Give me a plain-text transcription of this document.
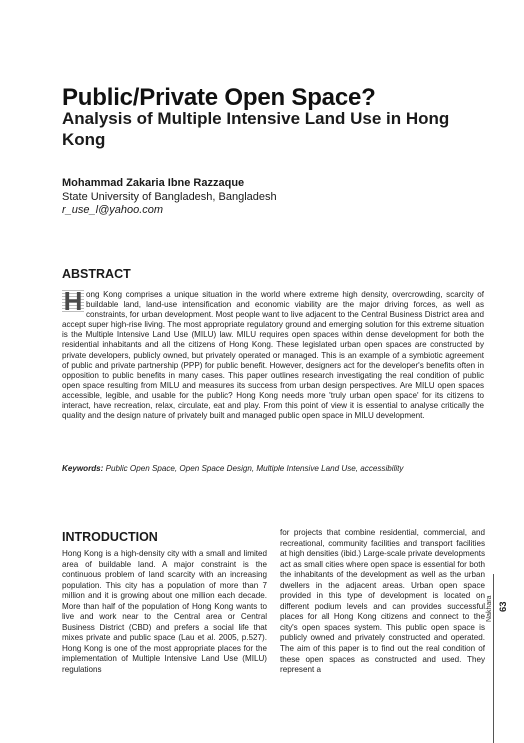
Public/Private Open Space?
Analysis of Multiple Intensive Land Use in Hong Kong
Mohammad Zakaria Ibne Razzaque
State University of Bangladesh, Bangladesh
r_use_l@yahoo.com
ABSTRACT
H ong Kong comprises a unique situation in the world where extreme high density, overcrowding, scarcity of buildable land, land-use intensification and economic viability are the major driving forces, as well as constraints, for urban development. Most people want to live adjacent to the Central Business District area and accept super high-rise living. The most appropriate regulatory ground and emerging solution for this extreme situation is the Multiple Intensive Land Use (MILU) law. MILU requires open spaces within dense development for both the residential inhabitants and all the citizens of Hong Kong. These legislated urban open spaces are constructed by private developers, publicly owned, but privately operated or managed. This is an example of a symbiotic agreement of public and private partnership (PPP) for public benefit. However, designers act for the developer's benefits often in opposition to public benefits in many cases. This paper outlines research investigating the real condition of public open space resulting from MILU and measures its success from urban design perspectives. Are MILU open spaces accessible, legible, and usable for the public? Hong Kong needs more 'truly urban open space' for its citizens to interact, have recreation, relax, circulate, eat and play. From this point of view it is essential to analyse critically the quality and the design nature of privately built and managed public open space in MILU development.
Keywords: Public Open Space, Open Space Design, Multiple Intensive Land Use, accessibility
INTRODUCTION

Hong Kong is a high-density city with a small and limited area of buildable land. A major constraint is the continuous problem of land scarcity with an increasing population. This city has a population of more than 7 million and it is growing about one million each decade. More than half of the population of Hong Kong wants to live and work near to the Central area or Central Business District (CBD) and prefers a social life that mixes private and public space (Lau et al. 2005, p.527). Hong Kong is one of the most appropriate places for the implementation of Multiple Intensive Land Use (MILU) regulations

for projects that combine residential, commercial, and recreational, community facilities and transport facilities at high densities (ibid.) Large-scale private developments act as small cities where open space is essential for both the inhabitants of the development as well as the urban dwellers in the adjacent areas. Urban open space provided in this type of development is located on different podium levels and can provides successful places for all Hong Kong citizens and connect to the city's open spaces system. This public open space is publicly owned and privately constructed and operated. The aim of this paper is to find out the real condition of these open spaces as constructed and used. They represent a

Nakhara 63
